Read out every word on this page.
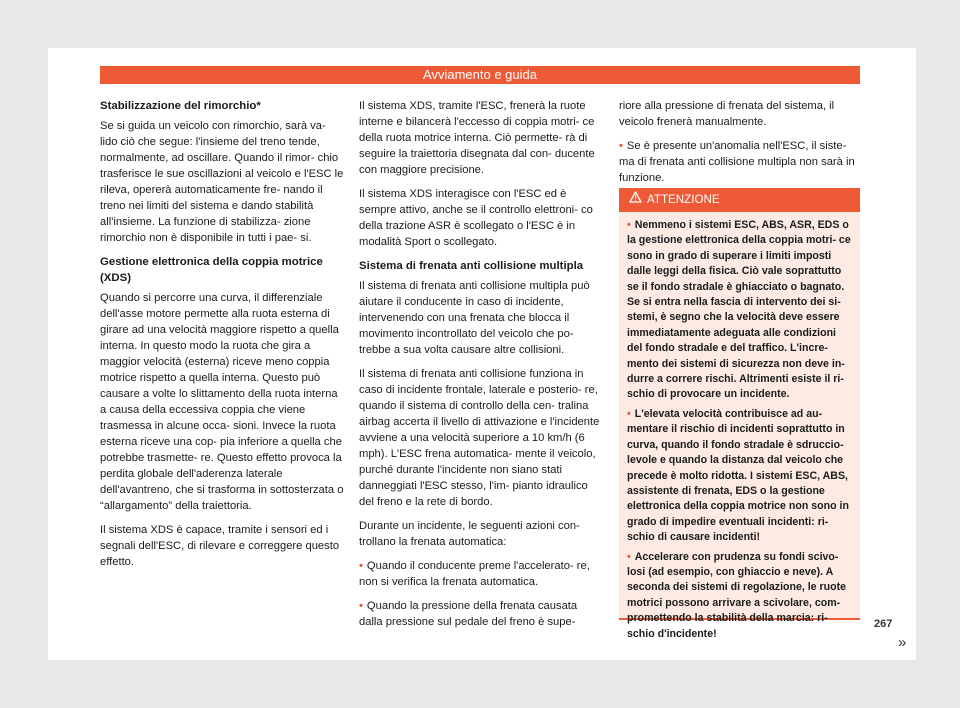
Avviamento e guida
Stabilizzazione del rimorchio*

Se si guida un veicolo con rimorchio, sarà va- lido ciò che segue: l'insieme del treno tende, normalmente, ad oscillare. Quando il rimor- chio trasferisce le sue oscillazioni al veicolo e l'ESC le rileva, opererà automaticamente fre- nando il treno nei limiti del sistema e dando stabilità all'insieme. La funzione di stabilizza- zione rimorchio non è disponibile in tutti i pae- si.

Gestione elettronica della coppia motrice (XDS)

Quando si percorre una curva, il differenziale dell'asse motore permette alla ruota esterna di girare ad una velocità maggiore rispetto a quella interna. In questo modo la ruota che gira a maggior velocità (esterna) riceve meno coppia motrice rispetto a quella interna. Questo può causare a volte lo slittamento della ruota interna a causa della eccessiva coppia che viene trasmessa in alcune occa- sioni. Invece la ruota esterna riceve una cop- pia inferiore a quella che potrebbe trasmette- re. Questo effetto provoca la perdita globale dell'aderenza laterale dell'avantreno, che si trasforma in sottosterzata o “allargamento” della traiettoria.

Il sistema XDS è capace, tramite i sensori ed i segnali dell'ESC, di rilevare e correggere questo effetto.

Il sistema XDS, tramite l'ESC, frenerà la ruote interne e bilancerà l'eccesso di coppia motri- ce della ruota motrice interna. Ciò permette- rà di seguire la traiettoria disegnata dal con- ducente con maggiore precisione.

Il sistema XDS interagisce con l'ESC ed è sempre attivo, anche se il controllo elettroni- co della trazione ASR è scollegato o l'ESC è in modalità Sport o scollegato.

Sistema di frenata anti collisione multipla

Il sistema di frenata anti collisione multipla può aiutare il conducente in caso di incidente, intervenendo con una frenata che blocca il movimento incontrollato del veicolo che po- trebbe a sua volta causare altre collisioni.

Il sistema di frenata anti collisione funziona in caso di incidente frontale, laterale e posterio- re, quando il sistema di controllo della cen- tralina airbag accerta il livello di attivazione e l'incidente avviene a una velocità superiore a 10 km/h (6 mph). L'ESC frena automatica- mente il veicolo, purché durante l'incidente non siano stati danneggiati l'ESC stesso, l'im- pianto idraulico del freno e la rete di bordo.

Durante un incidente, le seguenti azioni con- trollano la frenata automatica:

• Quando il conducente preme l'accelerato- re, non si verifica la frenata automatica.

• Quando la pressione della frenata causata dalla pressione sul pedale del freno è supe-

riore alla pressione di frenata del sistema, il veicolo frenerà manualmente.

• Se è presente un'anomalia nell'ESC, il siste- ma di frenata anti collisione multipla non sarà in funzione.

ATTENZIONE

• Nemmeno i sistemi ESC, ABS, ASR, EDS o la gestione elettronica della coppia motri- ce sono in grado di superare i limiti imposti dalle leggi della fisica. Ciò vale soprattutto se il fondo stradale è ghiacciato o bagnato. Se si entra nella fascia di intervento dei si- stemi, è segno che la velocità deve essere immediatamente adeguata alle condizioni del fondo stradale e del traffico. L'incre- mento dei sistemi di sicurezza non deve in- durre a correre rischi. Altrimenti esiste il ri- schio di provocare un incidente.

• L'elevata velocità contribuisce ad au- mentare il rischio di incidenti soprattutto in curva, quando il fondo stradale è sdruccio- levole e quando la distanza dal veicolo che precede è molto ridotta. I sistemi ESC, ABS, assistente di frenata, EDS o la gestione elettronica della coppia motrice non sono in grado di impedire eventuali incidenti: ri- schio di causare incidenti!

• Accelerare con prudenza su fondi scivo- losi (ad esempio, con ghiaccio e neve). A seconda dei sistemi di regolazione, le ruote motrici possono arrivare a scivolare, com- promettendo la stabilità della marcia: ri- schio d'incidente!

»
267
